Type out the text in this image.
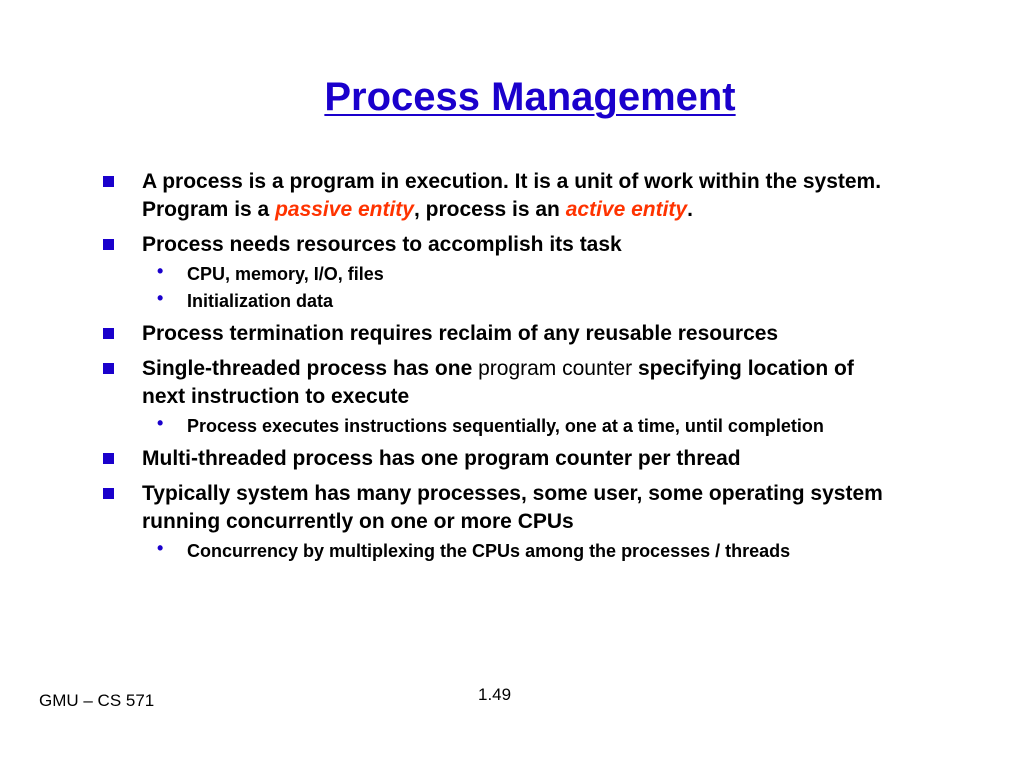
Process Management
A process is a program in execution. It is a unit of work within the system. Program is a passive entity, process is an active entity.
Process needs resources to accomplish its task
• CPU, memory, I/O, files
• Initialization data
Process termination requires reclaim of any reusable resources
Single-threaded process has one program counter specifying location of next instruction to execute
• Process executes instructions sequentially, one at a time, until completion
Multi-threaded process has one program counter per thread
Typically system has many processes, some user, some operating system running concurrently on one or more CPUs
• Concurrency by multiplexing the CPUs among the processes / threads
GMU – CS 571	1.49
